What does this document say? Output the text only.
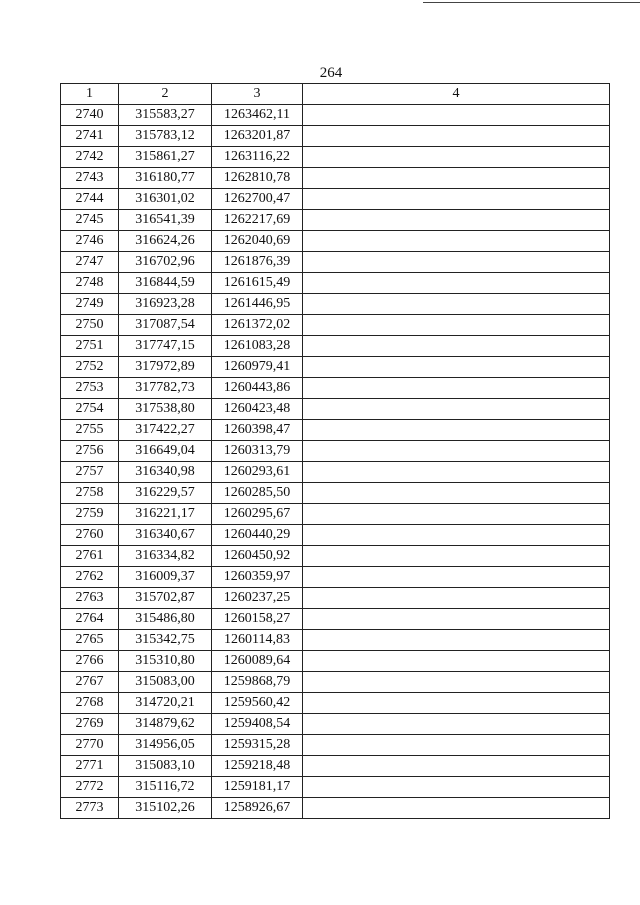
264
1	2	3	4
2740	315583,27	1263462,11	
2741	315783,12	1263201,87	
2742	315861,27	1263116,22	
2743	316180,77	1262810,78	
2744	316301,02	1262700,47	
2745	316541,39	1262217,69	
2746	316624,26	1262040,69	
2747	316702,96	1261876,39	
2748	316844,59	1261615,49	
2749	316923,28	1261446,95	
2750	317087,54	1261372,02	
2751	317747,15	1261083,28	
2752	317972,89	1260979,41	
2753	317782,73	1260443,86	
2754	317538,80	1260423,48	
2755	317422,27	1260398,47	
2756	316649,04	1260313,79	
2757	316340,98	1260293,61	
2758	316229,57	1260285,50	
2759	316221,17	1260295,67	
2760	316340,67	1260440,29	
2761	316334,82	1260450,92	
2762	316009,37	1260359,97	
2763	315702,87	1260237,25	
2764	315486,80	1260158,27	
2765	315342,75	1260114,83	
2766	315310,80	1260089,64	
2767	315083,00	1259868,79	
2768	314720,21	1259560,42	
2769	314879,62	1259408,54	
2770	314956,05	1259315,28	
2771	315083,10	1259218,48	
2772	315116,72	1259181,17	
2773	315102,26	1258926,67	
